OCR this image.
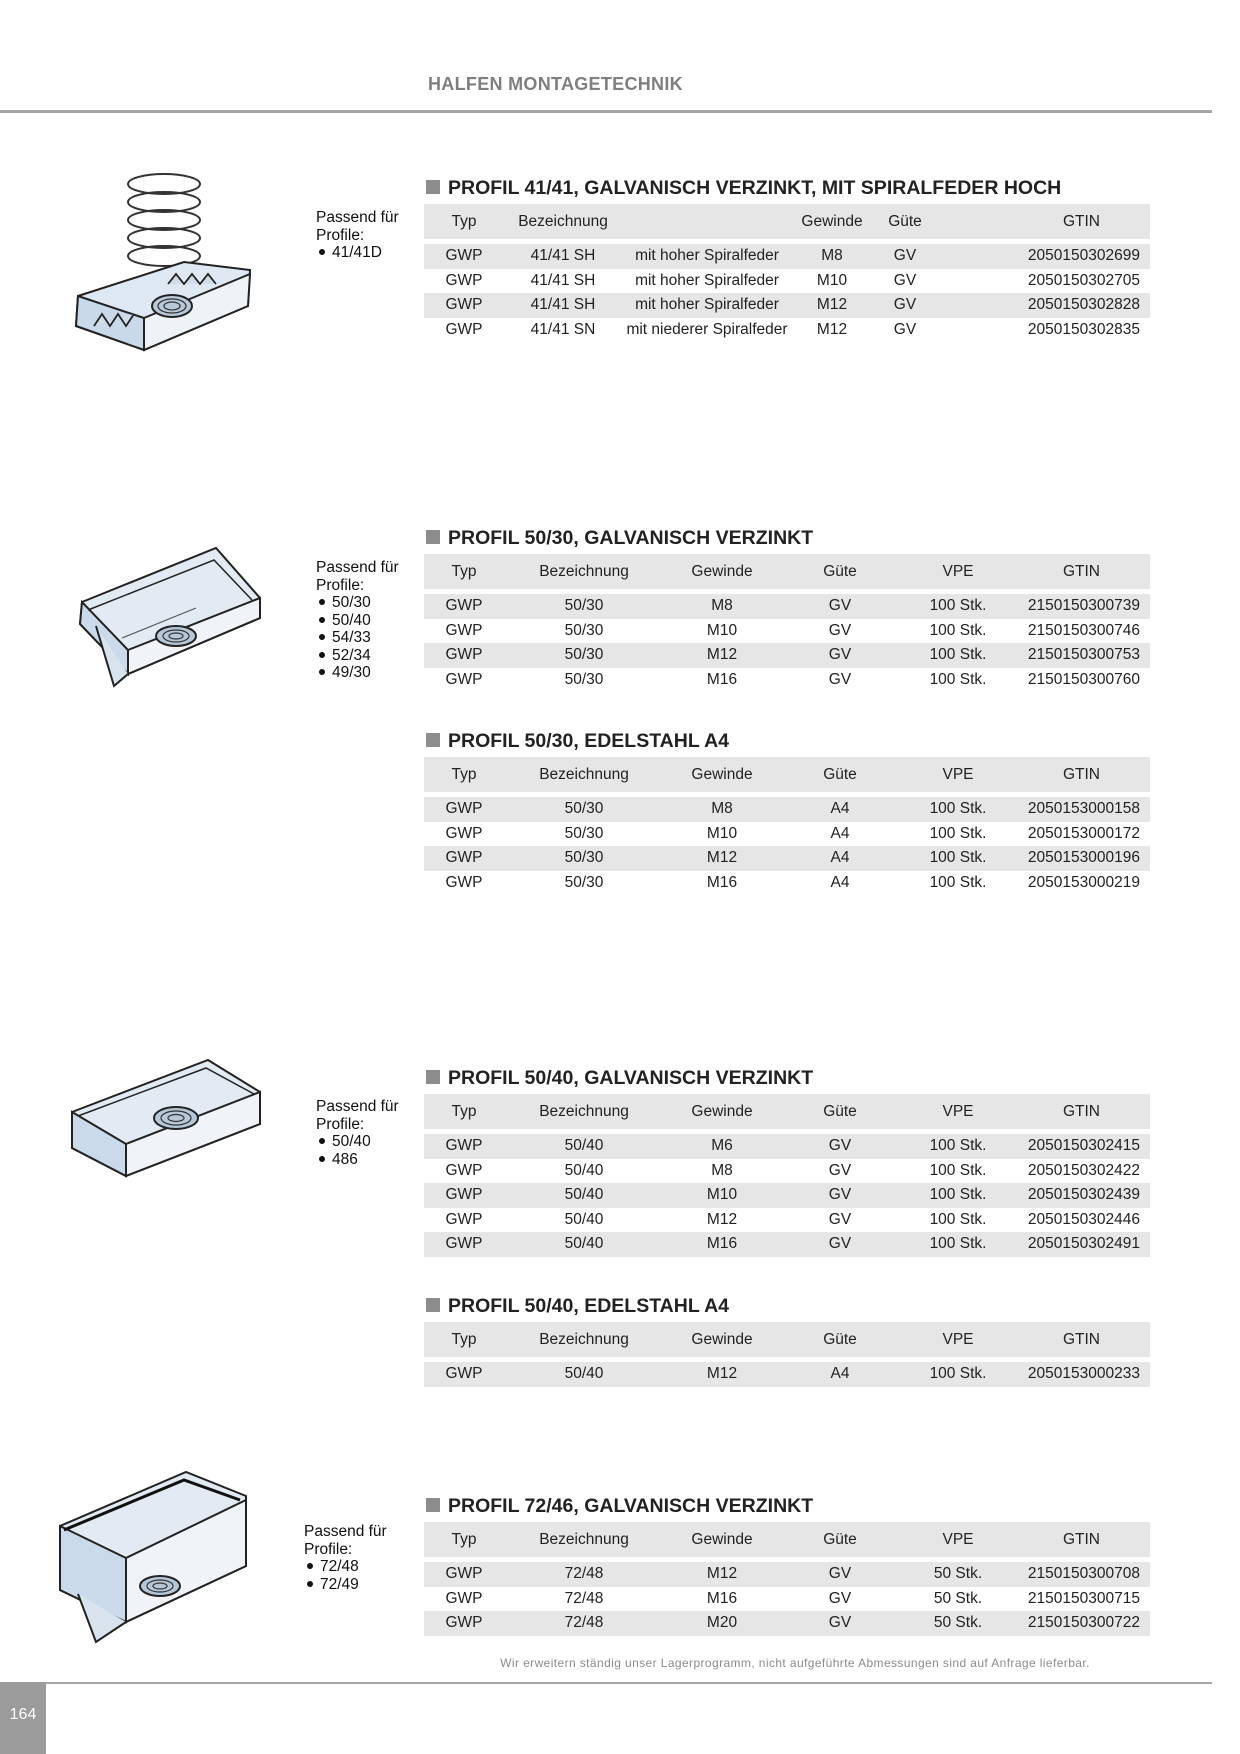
HALFEN MONTAGETECHNIK
Passend für Profile:
41/41D
PROFIL 41/41, GALVANISCH VERZINKT, MIT SPIRALFEDER HOCH
Typ	Bezeichnung		Gewinde	Güte	GTIN

GWP	41/41 SH	mit hoher Spiralfeder	M8	GV	2050150302699
GWP	41/41 SH	mit hoher Spiralfeder	M10	GV	2050150302705
GWP	41/41 SH	mit hoher Spiralfeder	M12	GV	2050150302828
GWP	41/41 SN	mit niederer Spiralfeder	M12	GV	2050150302835
Passend für Profile:
50/30
50/40
54/33
52/34
49/30
PROFIL 50/30, GALVANISCH VERZINKT
Typ	Bezeichnung	Gewinde	Güte	VPE	GTIN

GWP	50/30	M8	GV	100 Stk.	2150150300739
GWP	50/30	M10	GV	100 Stk.	2150150300746
GWP	50/30	M12	GV	100 Stk.	2150150300753
GWP	50/30	M16	GV	100 Stk.	2150150300760
PROFIL 50/30, EDELSTAHL A4
Typ	Bezeichnung	Gewinde	Güte	VPE	GTIN

GWP	50/30	M8	A4	100 Stk.	2050153000158
GWP	50/30	M10	A4	100 Stk.	2050153000172
GWP	50/30	M12	A4	100 Stk.	2050153000196
GWP	50/30	M16	A4	100 Stk.	2050153000219
Passend für Profile:
50/40
486
PROFIL 50/40, GALVANISCH VERZINKT
Typ	Bezeichnung	Gewinde	Güte	VPE	GTIN

GWP	50/40	M6	GV	100 Stk.	2050150302415
GWP	50/40	M8	GV	100 Stk.	2050150302422
GWP	50/40	M10	GV	100 Stk.	2050150302439
GWP	50/40	M12	GV	100 Stk.	2050150302446
GWP	50/40	M16	GV	100 Stk.	2050150302491
PROFIL 50/40, EDELSTAHL A4
Typ	Bezeichnung	Gewinde	Güte	VPE	GTIN

GWP	50/40	M12	A4	100 Stk.	2050153000233
Passend für Profile:
72/48
72/49
PROFIL 72/46, GALVANISCH VERZINKT
Typ	Bezeichnung	Gewinde	Güte	VPE	GTIN

GWP	72/48	M12	GV	50 Stk.	2150150300708
GWP	72/48	M16	GV	50 Stk.	2150150300715
GWP	72/48	M20	GV	50 Stk.	2150150300722
Wir erweitern ständig unser Lagerprogramm, nicht aufgeführte Abmessungen sind auf Anfrage lieferbar.
164
